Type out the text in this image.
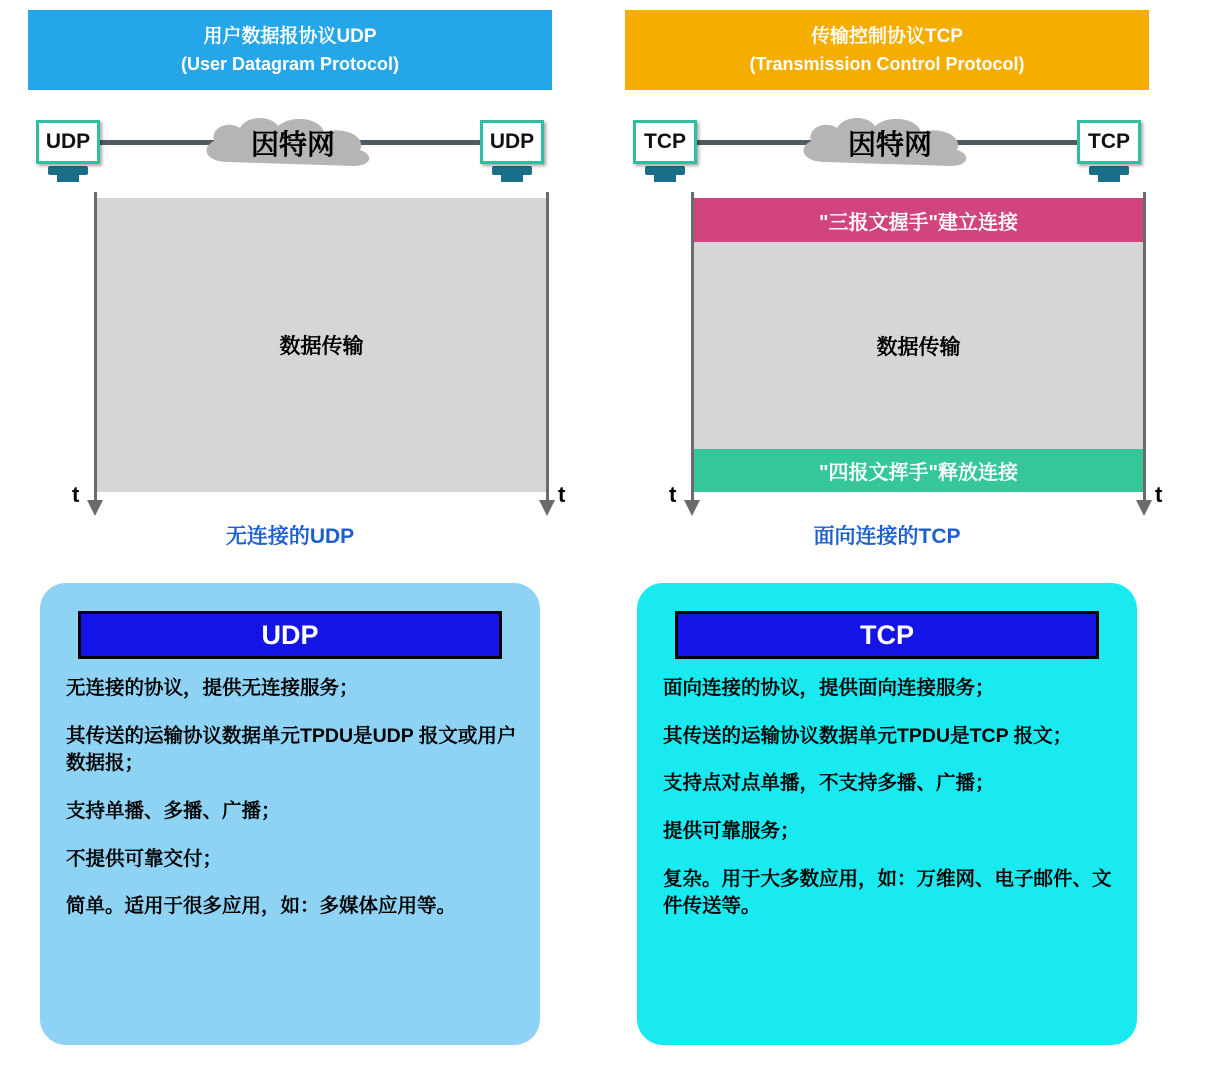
用户数据报协议UDP
(User Datagram Protocol)
UDP	UDP
因特网
t	t
数据传输
无连接的UDP
UDP

无连接的协议，提供无连接服务；

其传送的运输协议数据单元TPDU是UDP 报文或用户数据报；

支持单播、多播、广播；

不提供可靠交付；

简单。适用于很多应用，如：多媒体应用等。

传输控制协议TCP
(Transmission Control Protocol)
TCP	TCP
因特网
t	t
"三报文握手"建立连接
数据传输
"四报文挥手"释放连接
面向连接的TCP
TCP

面向连接的协议，提供面向连接服务；

其传送的运输协议数据单元TPDU是TCP 报文；

支持点对点单播，不支持多播、广播；

提供可靠服务；

复杂。用于大多数应用，如：万维网、电子邮件、文件传送等。
